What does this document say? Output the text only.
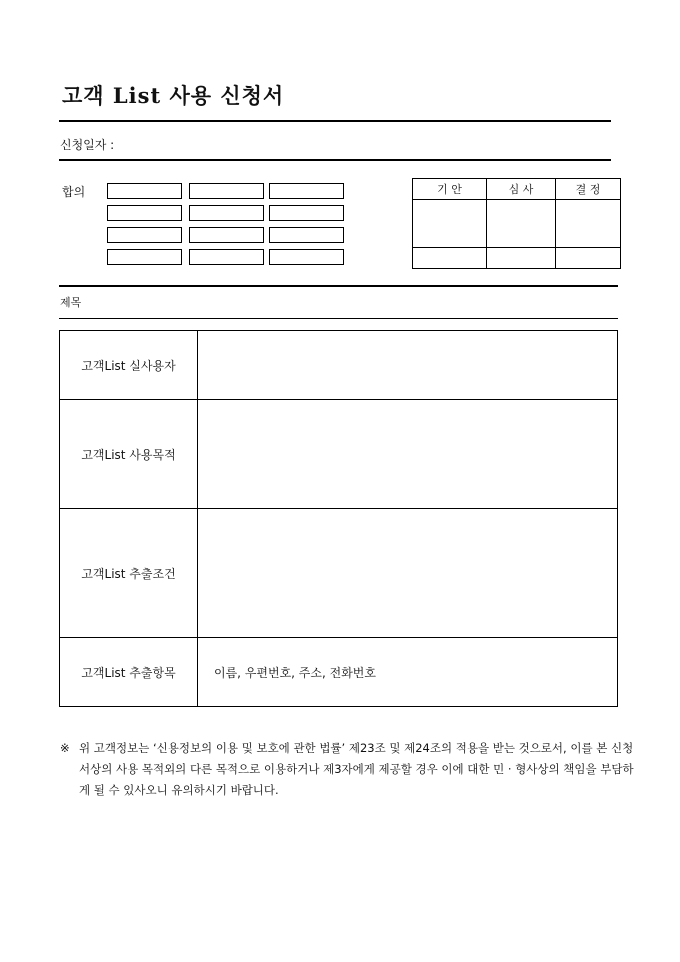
고객 List 사용 신청서
신청일자 :
합의	기 안	심 사	결 정

제목
고객List 실사용자	
고객List 사용목적	
고객List 추출조건	
고객List 추출항목	이름, 우편번호, 주소, 전화번호
※ 위 고객정보는 ‘신용정보의 이용 및 보호에 관한 법률’ 제23조 및 제24조의 적용을 받는 것으로서, 이를 본 신청서상의 사용 목적외의 다른 목적으로 이용하거나 제3자에게 제공할 경우 이에 대한 민 · 형사상의 책임을 부담하게 될 수 있사오니 유의하시기 바랍니다.
